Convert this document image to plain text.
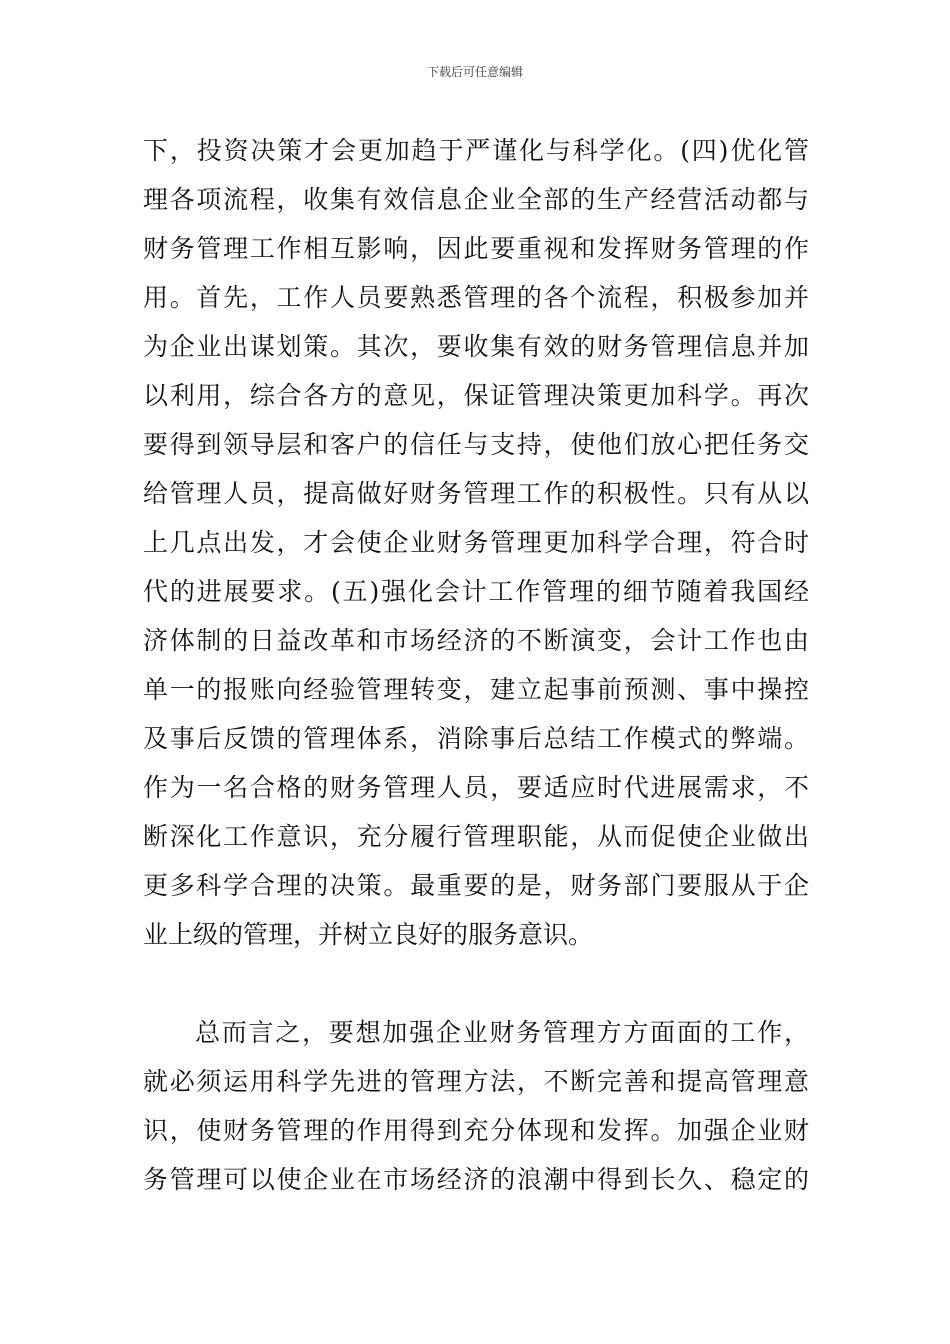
下载后可任意编辑
下，投资决策才会更加趋于严谨化与科学化。(四)优化管
理各项流程，收集有效信息企业全部的生产经营活动都与
财务管理工作相互影响，因此要重视和发挥财务管理的作
用。首先，工作人员要熟悉管理的各个流程，积极参加并
为企业出谋划策。其次，要收集有效的财务管理信息并加
以利用，综合各方的意见，保证管理决策更加科学。再次
要得到领导层和客户的信任与支持，使他们放心把任务交
给管理人员，提高做好财务管理工作的积极性。只有从以
上几点出发，才会使企业财务管理更加科学合理，符合时
代的进展要求。(五)强化会计工作管理的细节随着我国经
济体制的日益改革和市场经济的不断演变，会计工作也由
单一的报账向经验管理转变，建立起事前预测、事中操控
及事后反馈的管理体系，消除事后总结工作模式的弊端。
作为一名合格的财务管理人员，要适应时代进展需求，不
断深化工作意识，充分履行管理职能，从而促使企业做出
更多科学合理的决策。最重要的是，财务部门要服从于企
业上级的管理，并树立良好的服务意识。
总而言之，要想加强企业财务管理方方面面的工作，
就必须运用科学先进的管理方法，不断完善和提高管理意
识，使财务管理的作用得到充分体现和发挥。加强企业财
务管理可以使企业在市场经济的浪潮中得到长久、稳定的
